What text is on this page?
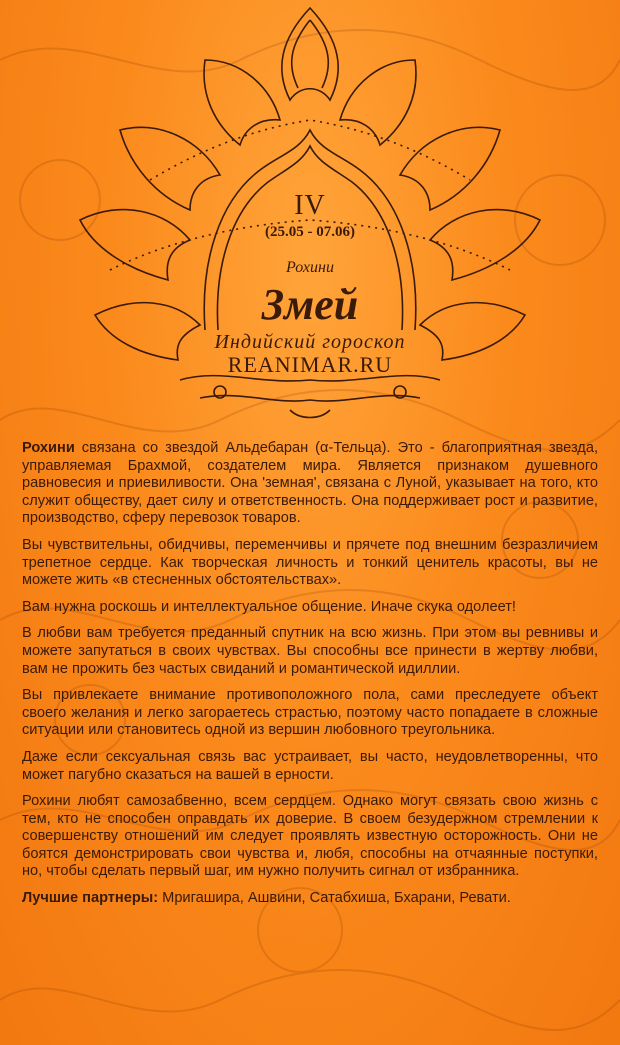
IV
(25.05 - 07.06)
Рохини
Змей
Индийский гороскоп
REANIMAR.RU

Рохини связана со звездой Альдебаран (α-Тельца). Это - благоприятная звезда, управляемая Брахмой, создателем мира. Является признаком душевного равновесия и приевиливости. Она 'земная', связана с Луной, указывает на того, кто служит обществу, дает силу и ответственность. Она поддерживает рост и развитие, производство, сферу перевозок товаров.

Вы чувствительны, обидчивы, переменчивы и прячете под внешним безразличием трепетное сердце. Как творческая личность и тонкий ценитель красоты, вы не можете жить «в стесненных обстоятельствах».

Вам нужна роскошь и интеллектуальное общение. Иначе скука одолеет!

В любви вам требуется преданный спутник на всю жизнь. При этом вы ревнивы и можете запутаться в своих чувствах. Вы способны все принести в жертву любви, вам не прожить без частых свиданий и романтической идиллии.

Вы привлекаете внимание противоположного пола, сами преследуете объект своего желания и легко загораетесь страстью, поэтому часто попадаете в сложные ситуации или становитесь одной из вершин любовного треугольника.

Даже если сексуальная связь вас устраивает, вы часто, неудовлетворенны, что может пагубно сказаться на вашей в ерности.

Рохини любят самозабвенно, всем сердцем. Однако могут связать свою жизнь с тем, кто не способен оправдать их доверие. В своем безудержном стремлении к совершенству отношений им следует проявлять известную осторожность. Они не боятся демонстрировать свои чувства и, любя, способны на отчаянные поступки, но, чтобы сделать первый шаг, им нужно получить сигнал от избранника.

Лучшие партнеры: Мригашира, Ашвини, Сатабхиша, Бхарани, Ревати.
